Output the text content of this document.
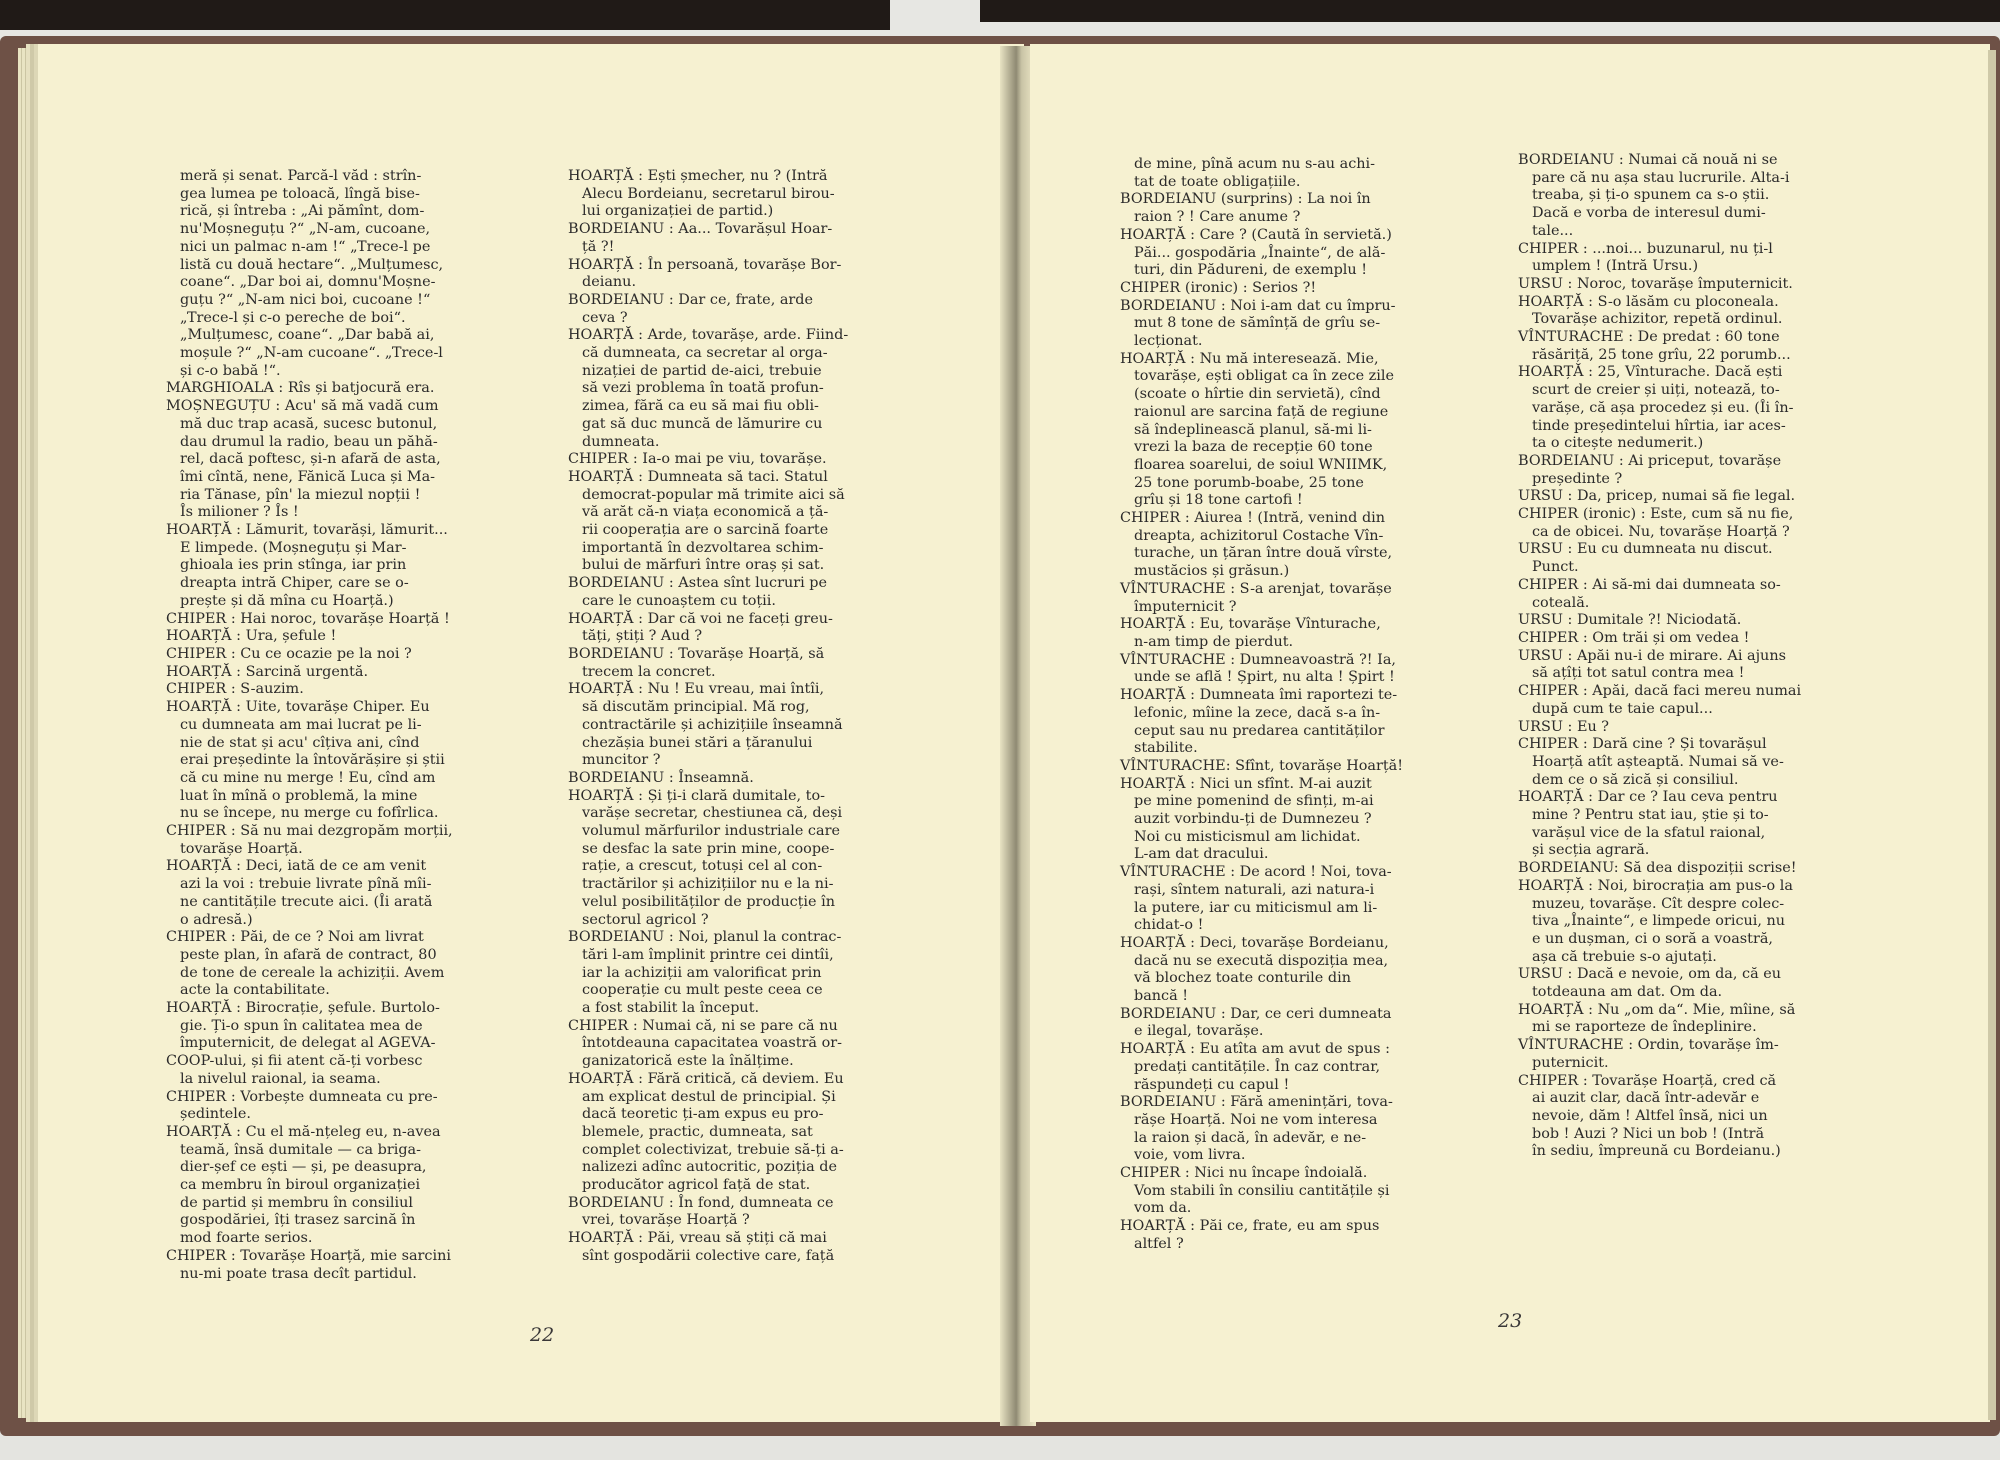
meră și senat. Parcă-l văd : strîn-
gea lumea pe toloacă, lîngă bise-
rică, și întreba : „Ai pămînt, dom-
nu'Moșneguțu ?“ „N-am, cucoane,
nici un palmac n-am !“ „Trece-l pe
listă cu două hectare“. „Mulțumesc,
coane“. „Dar boi ai, domnu'Moșne-
guțu ?“ „N-am nici boi, cucoane !“
„Trece-l și c-o pereche de boi“.
„Mulțumesc, coane“. „Dar babă ai,
moșule ?“ „N-am cucoane“. „Trece-l
și c-o babă !“.
MARGHIOALA : Rîs și batjocură era.
MOȘNEGUȚU : Acu' să mă vadă cum
mă duc trap acasă, sucesc butonul,
dau drumul la radio, beau un păhă-
rel, dacă poftesc, și-n afară de asta,
îmi cîntă, nene, Fănică Luca și Ma-
ria Tănase, pîn' la miezul nopții !
Îs milioner ? Îs !
HOARȚĂ : Lămurit, tovarăși, lămurit...
E limpede. (Moșneguțu și Mar-
ghioala ies prin stînga, iar prin
dreapta intră Chiper, care se o-
prește și dă mîna cu Hoarță.)
CHIPER : Hai noroc, tovarășe Hoarță !
HOARȚĂ : Ura, șefule !
CHIPER : Cu ce ocazie pe la noi ?
HOARȚĂ : Sarcină urgentă.
CHIPER : S-auzim.
HOARȚĂ : Uite, tovarășe Chiper. Eu
cu dumneata am mai lucrat pe li-
nie de stat și acu' cîțiva ani, cînd
erai președinte la întovărășire și știi
că cu mine nu merge ! Eu, cînd am
luat în mînă o problemă, la mine
nu se începe, nu merge cu fofîrlica.
CHIPER : Să nu mai dezgropăm morții,
tovarășe Hoarță.
HOARȚĂ : Deci, iată de ce am venit
azi la voi : trebuie livrate pînă mîi-
ne cantitățile trecute aici. (Îi arată
o adresă.)
CHIPER : Păi, de ce ? Noi am livrat
peste plan, în afară de contract, 80
de tone de cereale la achiziții. Avem
acte la contabilitate.
HOARȚĂ : Birocrație, șefule. Burtolo-
gie. Ți-o spun în calitatea mea de
împuternicit, de delegat al AGEVA-
COOP-ului, și fii atent că-ți vorbesc
la nivelul raional, ia seama.
CHIPER : Vorbește dumneata cu pre-
ședintele.
HOARȚĂ : Cu el mă-nțeleg eu, n-avea
teamă, însă dumitale — ca briga-
dier-șef ce ești — și, pe deasupra,
ca membru în biroul organizației
de partid și membru în consiliul
gospodăriei, îți trasez sarcină în
mod foarte serios.
CHIPER : Tovarășe Hoarță, mie sarcini
nu-mi poate trasa decît partidul.
HOARȚĂ : Ești șmecher, nu ? (Intră
Alecu Bordeianu, secretarul birou-
lui organizației de partid.)
BORDEIANU : Aa... Tovarășul Hoar-
ță ?!
HOARȚĂ : În persoană, tovarășe Bor-
deianu.
BORDEIANU : Dar ce, frate, arde
ceva ?
HOARȚĂ : Arde, tovarășe, arde. Fiind-
că dumneata, ca secretar al orga-
nizației de partid de-aici, trebuie
să vezi problema în toată profun-
zimea, fără ca eu să mai fiu obli-
gat să duc muncă de lămurire cu
dumneata.
CHIPER : Ia-o mai pe viu, tovarășe.
HOARȚĂ : Dumneata să taci. Statul
democrat-popular mă trimite aici să
vă arăt că-n viața economică a ță-
rii cooperația are o sarcină foarte
importantă în dezvoltarea schim-
bului de mărfuri între oraș și sat.
BORDEIANU : Astea sînt lucruri pe
care le cunoaștem cu toții.
HOARȚĂ : Dar că voi ne faceți greu-
tăți, știți ? Aud ?
BORDEIANU : Tovarășe Hoarță, să
trecem la concret.
HOARȚĂ : Nu ! Eu vreau, mai întîi,
să discutăm principial. Mă rog,
contractările și achizițiile înseamnă
chezășia bunei stări a țăranului
muncitor ?
BORDEIANU : Înseamnă.
HOARȚĂ : Și ți-i clară dumitale, to-
varășe secretar, chestiunea că, deși
volumul mărfurilor industriale care
se desfac la sate prin mine, coope-
rație, a crescut, totuși cel al con-
tractărilor și achizițiilor nu e la ni-
velul posibilităților de producție în
sectorul agricol ?
BORDEIANU : Noi, planul la contrac-
tări l-am împlinit printre cei dintîi,
iar la achiziții am valorificat prin
cooperație cu mult peste ceea ce
a fost stabilit la început.
CHIPER : Numai că, ni se pare că nu
întotdeauna capacitatea voastră or-
ganizatorică este la înălțime.
HOARȚĂ : Fără critică, că deviem. Eu
am explicat destul de principial. Și
dacă teoretic ți-am expus eu pro-
blemele, practic, dumneata, sat
complet colectivizat, trebuie să-ți a-
nalizezi adînc autocritic, poziția de
producător agricol față de stat.
BORDEIANU : În fond, dumneata ce
vrei, tovarășe Hoarță ?
HOARȚĂ : Păi, vreau să știți că mai
sînt gospodării colective care, față
22
de mine, pînă acum nu s-au achi-
tat de toate obligațiile.
BORDEIANU (surprins) : La noi în
raion ? ! Care anume ?
HOARȚĂ : Care ? (Caută în servietă.)
Păi... gospodăria „Înainte“, de ală-
turi, din Pădureni, de exemplu !
CHIPER (ironic) : Serios ?!
BORDEIANU : Noi i-am dat cu împru-
mut 8 tone de sămînță de grîu se-
lecționat.
HOARȚĂ : Nu mă interesează. Mie,
tovarășe, ești obligat ca în zece zile
(scoate o hîrtie din servietă), cînd
raionul are sarcina față de regiune
să îndeplinească planul, să-mi li-
vrezi la baza de recepție 60 tone
floarea soarelui, de soiul WNIIMK,
25 tone porumb-boabe, 25 tone
grîu și 18 tone cartofi !
CHIPER : Aiurea ! (Intră, venind din
dreapta, achizitorul Costache Vîn-
turache, un țăran între două vîrste,
mustăcios și grăsun.)
VÎNTURACHE : S-a arenjat, tovarășe
împuternicit ?
HOARȚĂ : Eu, tovarășe Vînturache,
n-am timp de pierdut.
VÎNTURACHE : Dumneavoastră ?! Ia,
unde se află ! Șpirt, nu alta ! Șpirt !
HOARȚĂ : Dumneata îmi raportezi te-
lefonic, mîine la zece, dacă s-a în-
ceput sau nu predarea cantităților
stabilite.
VÎNTURACHE: Sfînt, tovarășe Hoarță!
HOARȚĂ : Nici un sfînt. M-ai auzit
pe mine pomenind de sfinți, m-ai
auzit vorbindu-ți de Dumnezeu ?
Noi cu misticismul am lichidat.
L-am dat dracului.
VÎNTURACHE : De acord ! Noi, tova-
rași, sîntem naturali, azi natura-i
la putere, iar cu miticismul am li-
chidat-o !
HOARȚĂ : Deci, tovarășe Bordeianu,
dacă nu se execută dispoziția mea,
vă blochez toate conturile din
bancă !
BORDEIANU : Dar, ce ceri dumneata
e ilegal, tovarășe.
HOARȚĂ : Eu atîta am avut de spus :
predați cantitățile. În caz contrar,
răspundeți cu capul !
BORDEIANU : Fără amenințări, tova-
rășe Hoarță. Noi ne vom interesa
la raion și dacă, în adevăr, e ne-
voie, vom livra.
CHIPER : Nici nu încape îndoială.
Vom stabili în consiliu cantitățile și
vom da.
HOARȚĂ : Păi ce, frate, eu am spus
altfel ?
BORDEIANU : Numai că nouă ni se
pare că nu așa stau lucrurile. Alta-i
treaba, și ți-o spunem ca s-o știi.
Dacă e vorba de interesul dumi-
tale...
CHIPER : ...noi... buzunarul, nu ți-l
umplem ! (Intră Ursu.)
URSU : Noroc, tovarășe împuternicit.
HOARȚĂ : S-o lăsăm cu ploconeala.
Tovarășe achizitor, repetă ordinul.
VÎNTURACHE : De predat : 60 tone
răsăriță, 25 tone grîu, 22 porumb...
HOARȚĂ : 25, Vînturache. Dacă ești
scurt de creier și uiți, notează, to-
varășe, că așa procedez și eu. (Îi în-
tinde președintelui hîrtia, iar aces-
ta o citește nedumerit.)
BORDEIANU : Ai priceput, tovarășe
președinte ?
URSU : Da, pricep, numai să fie legal.
CHIPER (ironic) : Este, cum să nu fie,
ca de obicei. Nu, tovarășe Hoarță ?
URSU : Eu cu dumneata nu discut.
Punct.
CHIPER : Ai să-mi dai dumneata so-
coteală.
URSU : Dumitale ?! Niciodată.
CHIPER : Om trăi și om vedea !
URSU : Apăi nu-i de mirare. Ai ajuns
să ațîți tot satul contra mea !
CHIPER : Apăi, dacă faci mereu numai
după cum te taie capul...
URSU : Eu ?
CHIPER : Dară cine ? Și tovarășul
Hoarță atît așteaptă. Numai să ve-
dem ce o să zică și consiliul.
HOARȚĂ : Dar ce ? Iau ceva pentru
mine ? Pentru stat iau, știe și to-
varășul vice de la sfatul raional,
și secția agrară.
BORDEIANU: Să dea dispoziții scrise!
HOARȚĂ : Noi, birocrația am pus-o la
muzeu, tovarășe. Cît despre colec-
tiva „Înainte“, e limpede oricui, nu
e un dușman, ci o soră a voastră,
așa că trebuie s-o ajutați.
URSU : Dacă e nevoie, om da, că eu
totdeauna am dat. Om da.
HOARȚĂ : Nu „om da“. Mie, mîine, să
mi se raporteze de îndeplinire.
VÎNTURACHE : Ordin, tovarășe îm-
puternicit.
CHIPER : Tovarășe Hoarță, cred că
ai auzit clar, dacă într-adevăr e
nevoie, dăm ! Altfel însă, nici un
bob ! Auzi ? Nici un bob ! (Intră
în sediu, împreună cu Bordeianu.)
23
